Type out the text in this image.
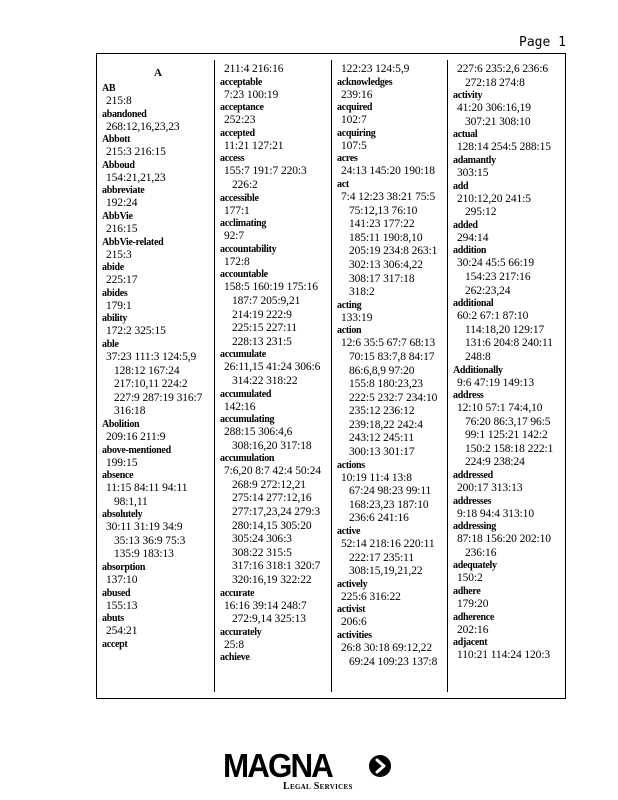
Page 1
A
AB
215:8
abandoned
268:12,16,23,23
Abbott
215:3 216:15
Abboud
154:21,21,23
abbreviate
192:24
AbbVie
216:15
AbbVie-related
215:3
abide
225:17
abides
179:1
ability
172:2 325:15
able
37:23 111:3 124:5,9
128:12 167:24
217:10,11 224:2
227:9 287:19 316:7
316:18
Abolition
209:16 211:9
above-mentioned
199:15
absence
11:15 84:11 94:11
98:1,11
absolutely
30:11 31:19 34:9
35:13 36:9 75:3
135:9 183:13
absorption
137:10
abused
155:13
abuts
254:21
accept
211:4 216:16
acceptable
7:23 100:19
acceptance
252:23
accepted
11:21 127:21
access
155:7 191:7 220:3
226:2
accessible
177:1
acclimating
92:7
accountability
172:8
accountable
158:5 160:19 175:16
187:7 205:9,21
214:19 222:9
225:15 227:11
228:13 231:5
accumulate
26:11,15 41:24 306:6
314:22 318:22
accumulated
142:16
accumulating
288:15 306:4,6
308:16,20 317:18
accumulation
7:6,20 8:7 42:4 50:24
268:9 272:12,21
275:14 277:12,16
277:17,23,24 279:3
280:14,15 305:20
305:24 306:3
308:22 315:5
317:16 318:1 320:7
320:16,19 322:22
accurate
16:16 39:14 248:7
272:9,14 325:13
accurately
25:8
achieve
122:23 124:5,9
acknowledges
239:16
acquired
102:7
acquiring
107:5
acres
24:13 145:20 190:18
act
7:4 12:23 38:21 75:5
75:12,13 76:10
141:23 177:22
185:11 190:8,10
205:19 234:8 263:1
302:13 306:4,22
308:17 317:18
318:2
acting
133:19
action
12:6 35:5 67:7 68:13
70:15 83:7,8 84:17
86:6,8,9 97:20
155:8 180:23,23
222:5 232:7 234:10
235:12 236:12
239:18,22 242:4
243:12 245:11
300:13 301:17
actions
10:19 11:4 13:8
67:24 98:23 99:11
168:23,23 187:10
236:6 241:16
active
52:14 218:16 220:11
222:17 235:11
308:15,19,21,22
actively
225:6 316:22
activist
206:6
activities
26:8 30:18 69:12,22
69:24 109:23 137:8
227:6 235:2,6 236:6
272:18 274:8
activity
41:20 306:16,19
307:21 308:10
actual
128:14 254:5 288:15
adamantly
303:15
add
210:12,20 241:5
295:12
added
294:14
addition
30:24 45:5 66:19
154:23 217:16
262:23,24
additional
60:2 67:1 87:10
114:18,20 129:17
131:6 204:8 240:11
248:8
Additionally
9:6 47:19 149:13
address
12:10 57:1 74:4,10
76:20 86:3,17 96:5
99:1 125:21 142:2
150:2 158:18 222:1
224:9 238:24
addressed
200:17 313:13
addresses
9:18 94:4 313:10
addressing
87:18 156:20 202:10
236:16
adequately
150:2
adhere
179:20
adherence
202:16
adjacent
110:21 114:24 120:3
MAGNA
Legal Services
